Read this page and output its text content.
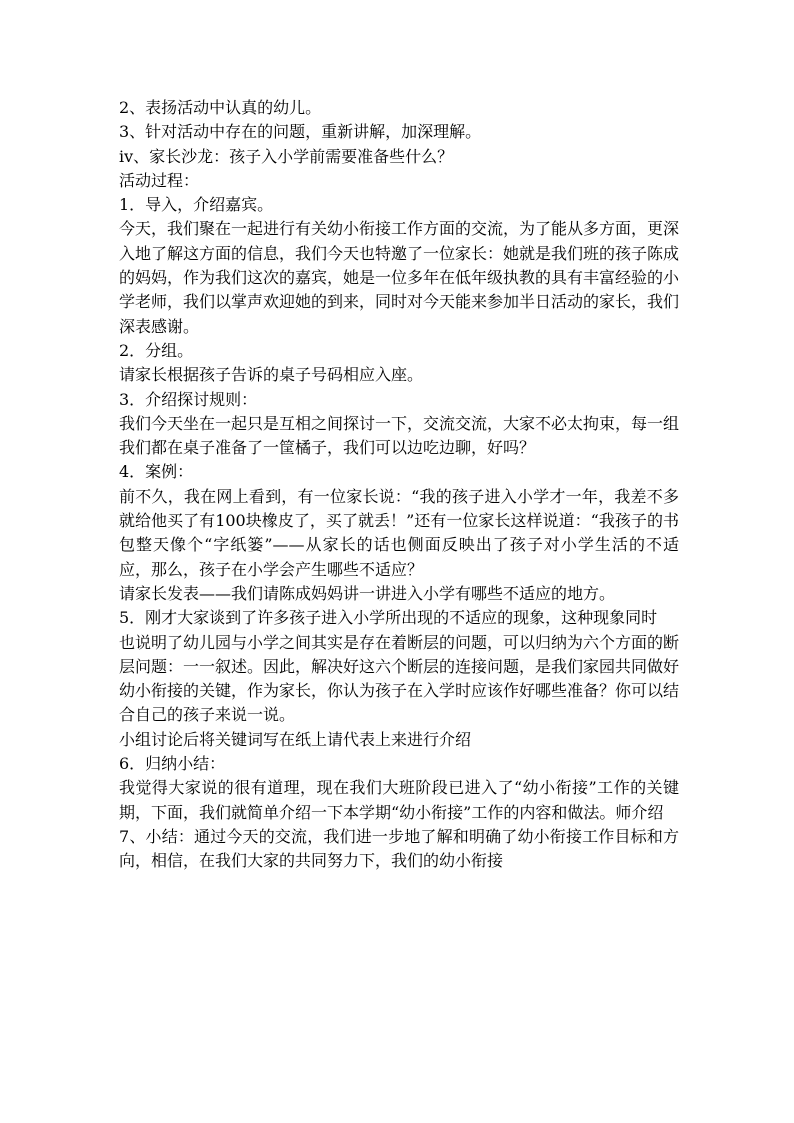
2、表扬活动中认真的幼儿。

3、针对活动中存在的问题，重新讲解，加深理解。

ⅳ、家长沙龙：孩子入小学前需要准备些什么？

活动过程：

1．导入，介绍嘉宾。

今天，我们聚在一起进行有关幼小衔接工作方面的交流，为了能从多方面，更深入地了解这方面的信息，我们今天也特邀了一位家长：她就是我们班的孩子陈成的妈妈，作为我们这次的嘉宾，她是一位多年在低年级执教的具有丰富经验的小学老师，我们以掌声欢迎她的到来，同时对今天能来参加半日活动的家长，我们深表感谢。

2．分组。

请家长根据孩子告诉的桌子号码相应入座。

3．介绍探讨规则：

我们今天坐在一起只是互相之间探讨一下，交流交流，大家不必太拘束，每一组我们都在桌子准备了一筐橘子，我们可以边吃边聊，好吗？

4．案例：

前不久，我在网上看到，有一位家长说：“我的孩子进入小学才一年，我差不多就给他买了有100块橡皮了，买了就丢！”还有一位家长这样说道：“我孩子的书包整天像个“字纸篓”——从家长的话也侧面反映出了孩子对小学生活的不适应，那么，孩子在小学会产生哪些不适应？

请家长发表——我们请陈成妈妈讲一讲进入小学有哪些不适应的地方。

5．刚才大家谈到了许多孩子进入小学所出现的不适应的现象，这种现象同时

也说明了幼儿园与小学之间其实是存在着断层的问题，可以归纳为六个方面的断层问题：一一叙述。因此，解决好这六个断层的连接问题，是我们家园共同做好幼小衔接的关键，作为家长，你认为孩子在入学时应该作好哪些准备？你可以结合自己的孩子来说一说。

小组讨论后将关键词写在纸上请代表上来进行介绍

6．归纳小结：

我觉得大家说的很有道理，现在我们大班阶段已进入了“幼小衔接”工作的关键期，下面，我们就简单介绍一下本学期“幼小衔接”工作的内容和做法。师介绍

7、小结：通过今天的交流，我们进一步地了解和明确了幼小衔接工作目标和方向，相信，在我们大家的共同努力下，我们的幼小衔接
